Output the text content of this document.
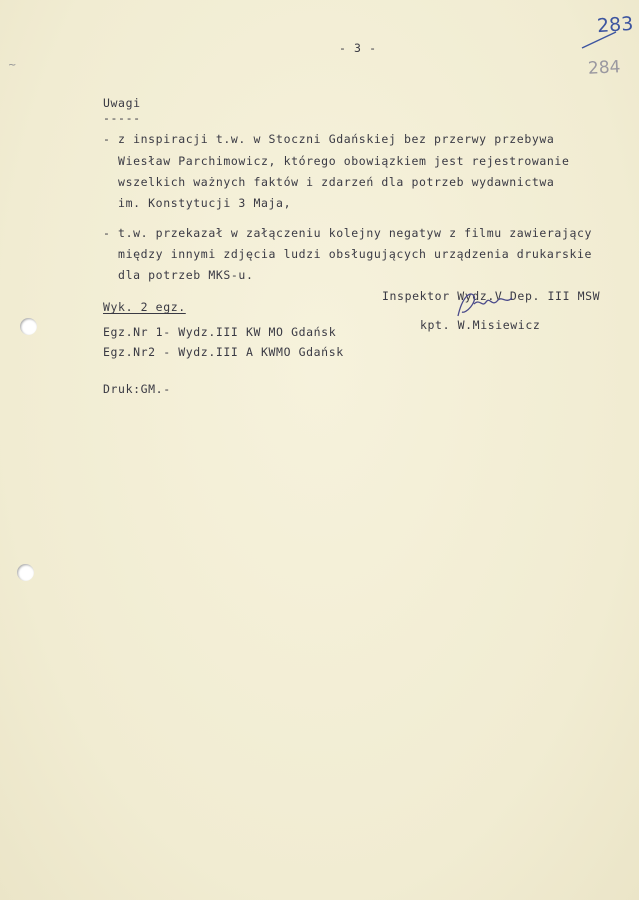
283
284
- 3 -
Uwagi
-----
- z inspiracji t.w. w Stoczni Gdańskiej bez przerwy przebywa
Wiesław Parchimowicz, którego obowiązkiem jest rejestrowanie
wszelkich ważnych faktów i zdarzeń dla potrzeb wydawnictwa
im. Konstytucji 3 Maja,
- t.w. przekazał w załączeniu kolejny negatyw z filmu zawierający
między innymi zdjęcia ludzi obsługujących urządzenia drukarskie
dla potrzeb MKS-u.
Inspektor Wydz.V Dep. III MSW
kpt. W.Misiewicz
Wyk. 2 egz.
Egz.Nr 1- Wydz.III KW MO Gdańsk
Egz.Nr2 - Wydz.III A KWMO Gdańsk
Druk:GM.-
~
